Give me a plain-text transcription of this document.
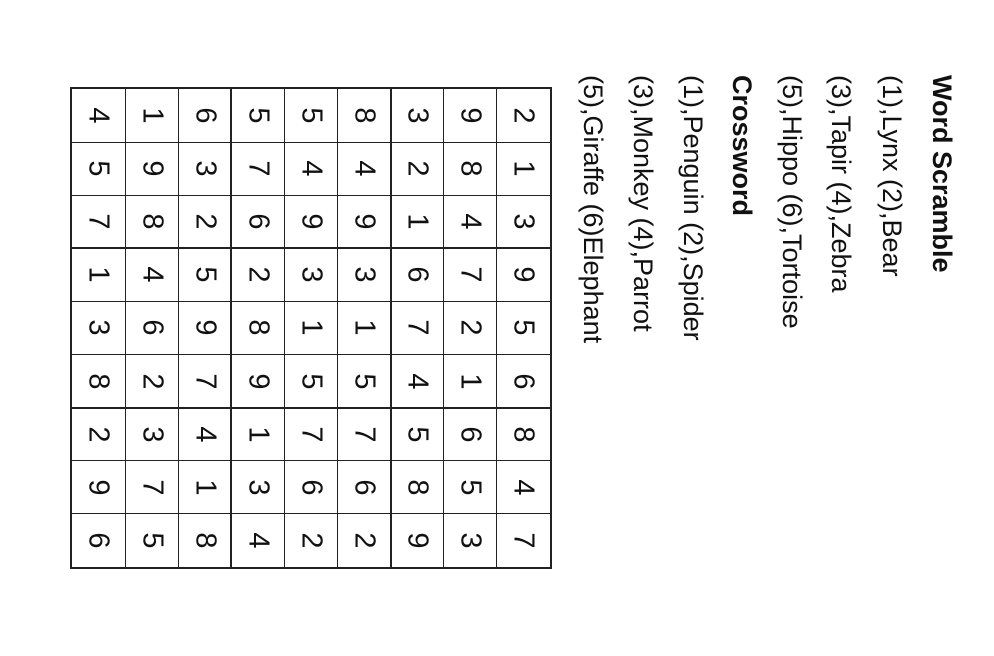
Word Scramble
(1),Lynx (2),Bear
(3),Tapir (4),Zebra
(5),Hippo (6),Tortoise
Crossword
(1),Penguin (2),Spider
(3),Monkey (4),Parrot
(5),Giraffe (6)Elephant
2
1
3
9
5
6
8
4
7
9
8
4
7
2
1
6
5
3
3
2
1
6
7
4
5
8
9
8
4
9
3
1
5
7
6
2
5
4
9
3
1
5
7
6
2
5
7
6
2
8
9
1
3
4
6
3
2
5
9
7
4
1
8
1
9
8
4
6
2
3
7
5
4
5
7
1
3
8
2
9
6
